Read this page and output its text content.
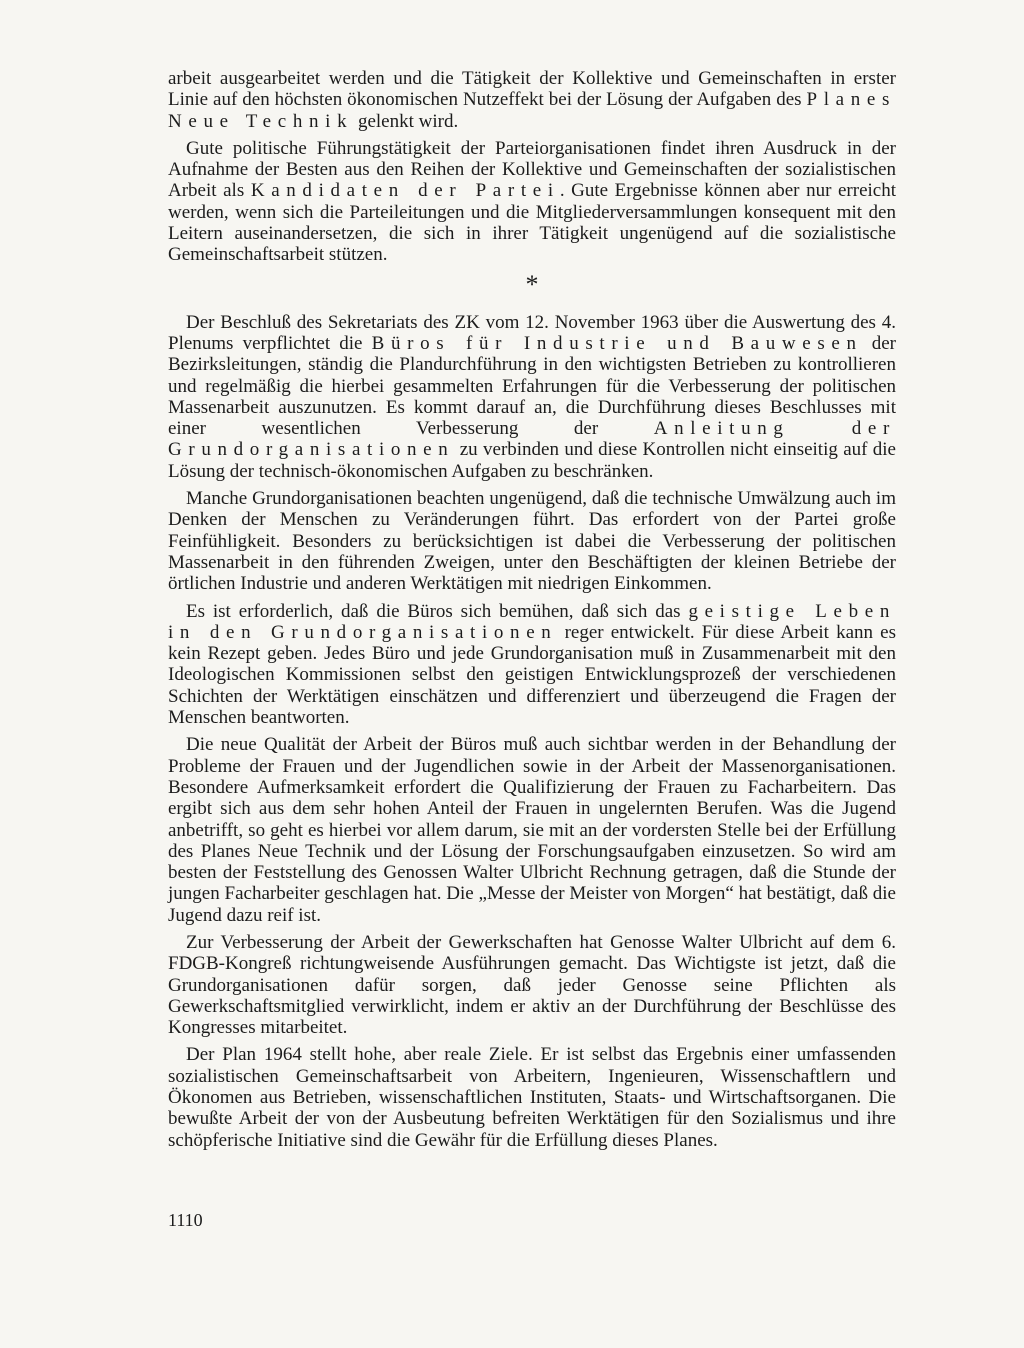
arbeit ausgearbeitet werden und die Tätigkeit der Kollektive und Gemeinschaften in erster Linie auf den höchsten ökonomischen Nutzeffekt bei der Lösung der Aufgaben des Planes Neue Technik gelenkt wird.

Gute politische Führungstätigkeit der Parteiorganisationen findet ihren Ausdruck in der Aufnahme der Besten aus den Reihen der Kollektive und Gemeinschaften der sozialistischen Arbeit als Kandidaten der Partei. Gute Ergebnisse können aber nur erreicht werden, wenn sich die Parteileitungen und die Mitgliederversammlungen konsequent mit den Leitern auseinandersetzen, die sich in ihrer Tätigkeit ungenügend auf die sozialistische Gemeinschaftsarbeit stützen.

*

Der Beschluß des Sekretariats des ZK vom 12. November 1963 über die Auswertung des 4. Plenums verpflichtet die Büros für Industrie und Bauwesen der Bezirksleitungen, ständig die Plandurchführung in den wichtigsten Betrieben zu kontrollieren und regelmäßig die hierbei gesammelten Erfahrungen für die Verbesserung der politischen Massenarbeit auszunutzen. Es kommt darauf an, die Durchführung dieses Beschlusses mit einer wesentlichen Verbesserung der Anleitung der Grundorganisationen zu verbinden und diese Kontrollen nicht einseitig auf die Lösung der technisch-ökonomischen Aufgaben zu beschränken.

Manche Grundorganisationen beachten ungenügend, daß die technische Umwälzung auch im Denken der Menschen zu Veränderungen führt. Das erfordert von der Partei große Feinfühligkeit. Besonders zu berücksichtigen ist dabei die Verbesserung der politischen Massenarbeit in den führenden Zweigen, unter den Beschäftigten der kleinen Betriebe der örtlichen Industrie und anderen Werktätigen mit niedrigen Einkommen.

Es ist erforderlich, daß die Büros sich bemühen, daß sich das geistige Leben in den Grundorganisationen reger entwickelt. Für diese Arbeit kann es kein Rezept geben. Jedes Büro und jede Grundorganisation muß in Zusammenarbeit mit den Ideologischen Kommissionen selbst den geistigen Entwicklungsprozeß der verschiedenen Schichten der Werktätigen einschätzen und differenziert und überzeugend die Fragen der Menschen beantworten.

Die neue Qualität der Arbeit der Büros muß auch sichtbar werden in der Behandlung der Probleme der Frauen und der Jugendlichen sowie in der Arbeit der Massenorganisationen. Besondere Aufmerksamkeit erfordert die Qualifizierung der Frauen zu Facharbeitern. Das ergibt sich aus dem sehr hohen Anteil der Frauen in ungelernten Berufen. Was die Jugend anbetrifft, so geht es hierbei vor allem darum, sie mit an der vordersten Stelle bei der Erfüllung des Planes Neue Technik und der Lösung der Forschungsaufgaben einzusetzen. So wird am besten der Feststellung des Genossen Walter Ulbricht Rechnung getragen, daß die Stunde der jungen Facharbeiter geschlagen hat. Die „Messe der Meister von Morgen“ hat bestätigt, daß die Jugend dazu reif ist.

Zur Verbesserung der Arbeit der Gewerkschaften hat Genosse Walter Ulbricht auf dem 6. FDGB-Kongreß richtungweisende Ausführungen gemacht. Das Wichtigste ist jetzt, daß die Grundorganisationen dafür sorgen, daß jeder Genosse seine Pflichten als Gewerkschaftsmitglied verwirklicht, indem er aktiv an der Durchführung der Beschlüsse des Kongresses mitarbeitet.

Der Plan 1964 stellt hohe, aber reale Ziele. Er ist selbst das Ergebnis einer umfassenden sozialistischen Gemeinschaftsarbeit von Arbeitern, Ingenieuren, Wissenschaftlern und Ökonomen aus Betrieben, wissenschaftlichen Instituten, Staats- und Wirtschaftsorganen. Die bewußte Arbeit der von der Ausbeutung befreiten Werktätigen für den Sozialismus und ihre schöpferische Initiative sind die Gewähr für die Erfüllung dieses Planes.

1110
